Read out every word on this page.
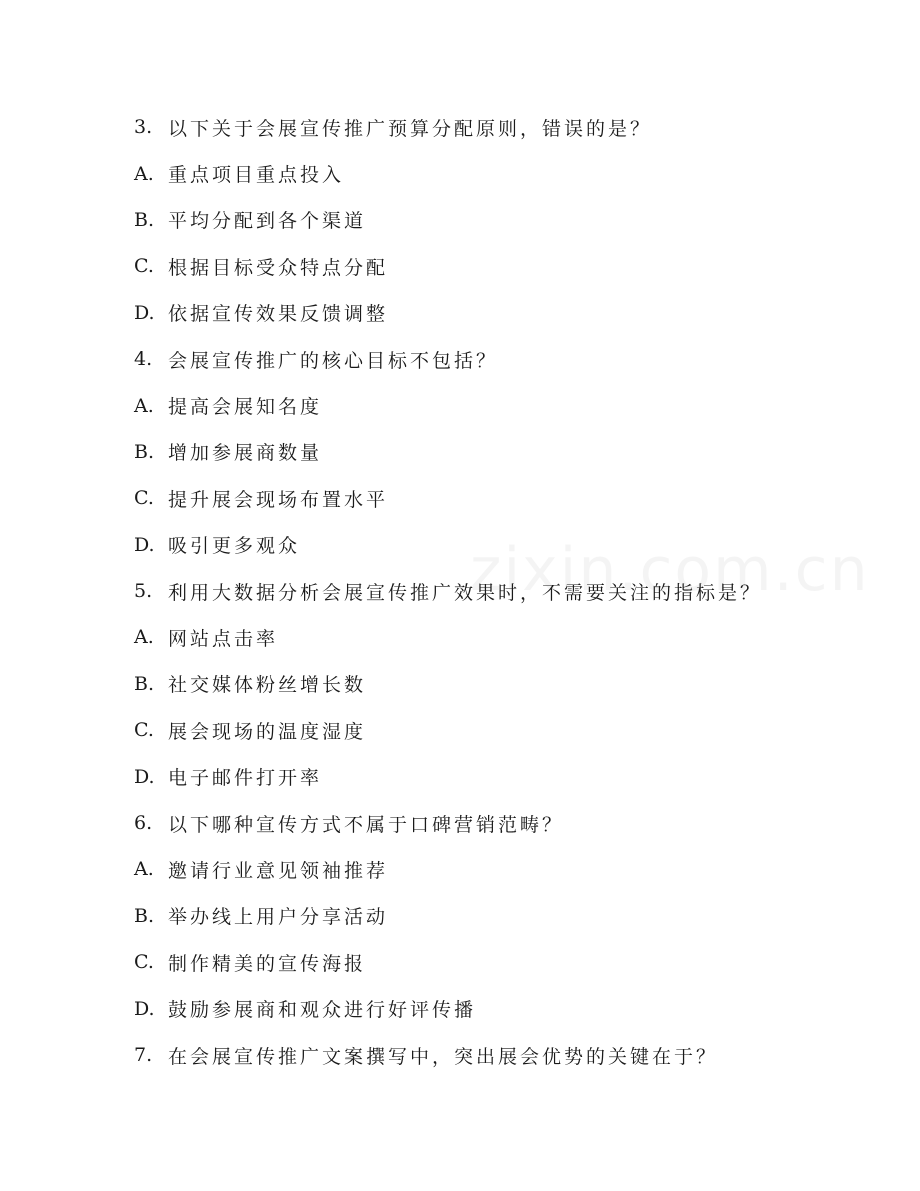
3. 以下关于会展宣传推广预算分配原则，错误的是？
A. 重点项目重点投入
B. 平均分配到各个渠道
C. 根据目标受众特点分配
D. 依据宣传效果反馈调整
4. 会展宣传推广的核心目标不包括？
A. 提高会展知名度
B. 增加参展商数量
C. 提升展会现场布置水平
D. 吸引更多观众
5. 利用大数据分析会展宣传推广效果时，不需要关注的指标是？
A. 网站点击率
B. 社交媒体粉丝增长数
C. 展会现场的温度湿度
D. 电子邮件打开率
6. 以下哪种宣传方式不属于口碑营销范畴？
A. 邀请行业意见领袖推荐
B. 举办线上用户分享活动
C. 制作精美的宣传海报
D. 鼓励参展商和观众进行好评传播
7. 在会展宣传推广文案撰写中，突出展会优势的关键在于？
